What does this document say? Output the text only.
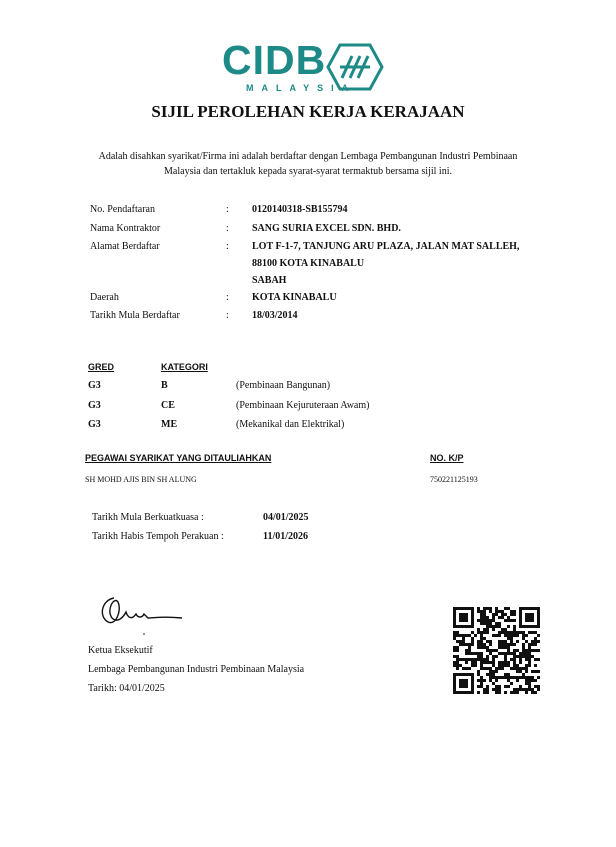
CIDB
MALAYSIA
SIJIL PEROLEHAN KERJA KERAJAAN
Adalah disahkan syarikat/Firma ini adalah berdaftar dengan Lembaga Pembangunan Industri Pembinaan
Malaysia dan tertakluk kepada syarat-syarat termaktub bersama sijil ini.
No. Pendaftaran	: 0120140318-SB155794
Nama Kontraktor	: SANG SURIA EXCEL SDN. BHD.
Alamat Berdaftar	: LOT F-1-7, TANJUNG ARU PLAZA, JALAN MAT SALLEH,
88100 KOTA KINABALU
SABAH
Daerah	: KOTA KINABALU
Tarikh Mula Berdaftar	: 18/03/2014
GRED	KATEGORI
G3	B	(Pembinaan Bangunan)
G3	CE	(Pembinaan Kejuruteraan Awam)
G3	ME	(Mekanikal dan Elektrikal)
PEGAWAI SYARIKAT YANG DITAULIAHKAN	NO. K/P
SH MOHD AJIS BIN SH ALUNG	750221125193
Tarikh Mula Berkuatkuasa :	04/01/2025
Tarikh Habis Tempoh Perakuan :	11/01/2026
Ketua Eksekutif
Lembaga Pembangunan Industri Pembinaan Malaysia
Tarikh: 04/01/2025
